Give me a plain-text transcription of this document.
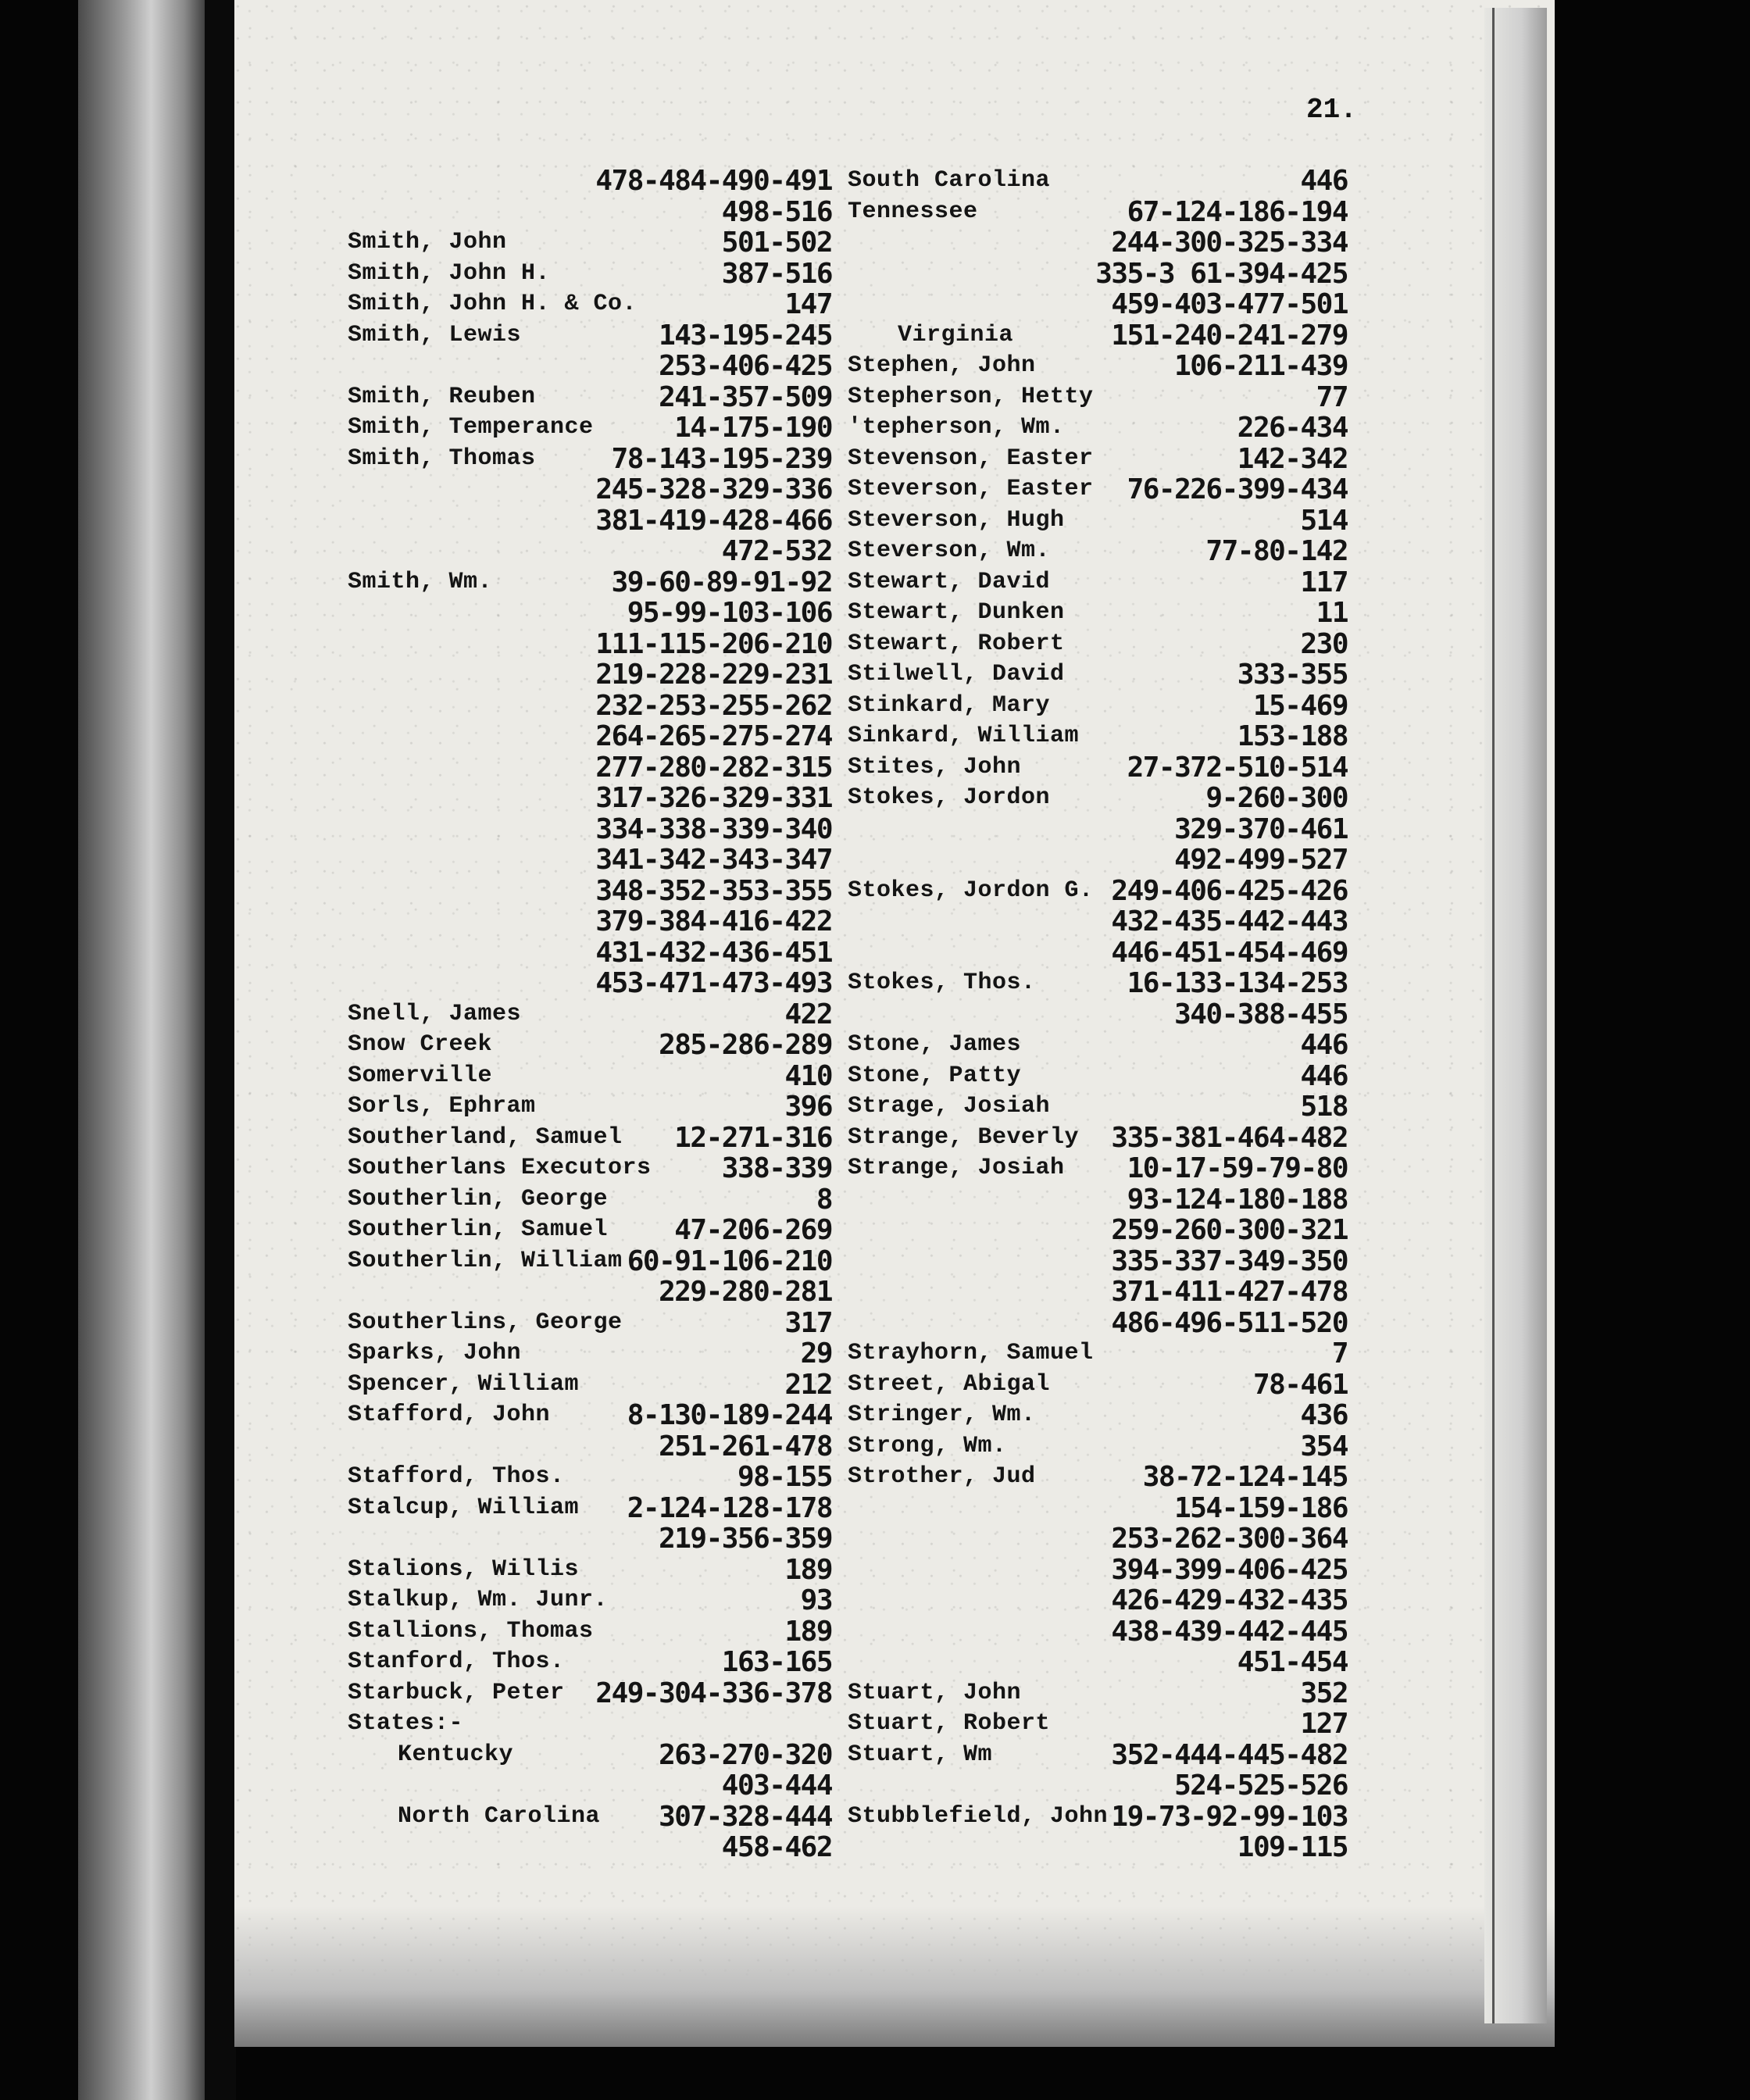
21.
478-484-490-491
498-516
Smith, John	501-502
Smith, John H.	387-516
Smith, John H. & Co.	147
Smith, Lewis	143-195-245
253-406-425
Smith, Reuben	241-357-509
Smith, Temperance	14-175-190
Smith, Thomas	78-143-195-239
245-328-329-336
381-419-428-466
472-532
Smith, Wm.	39-60-89-91-92
95-99-103-106
111-115-206-210
219-228-229-231
232-253-255-262
264-265-275-274
277-280-282-315
317-326-329-331
334-338-339-340
341-342-343-347
348-352-353-355
379-384-416-422
431-432-436-451
453-471-473-493
Snell, James	422
Snow Creek	285-286-289
Somerville	410
Sorls, Ephram	396
Southerland, Samuel 12-271-316
Southerlans Executors	338-339
Southerlin, George	8
Southerlin, Samuel 47-206-269
Southerlin, William 60-91-106-210
229-280-281
Southerlins, George	317
Sparks, John	29
Spencer, William	212
Stafford, John	8-130-189-244
251-261-478
Stafford, Thos.	98-155
Stalcup, William 2-124-128-178
219-356-359
Stalions, Willis	189
Stalkup, Wm. Junr.	93
Stallions, Thomas	189
Stanford, Thos.	163-165
Starbuck, Peter 249-304-336-378
States:-
Kentucky	263-270-320
403-444
North Carolina 307-328-444
458-462
South Carolina	446
Tennessee	67-124-186-194
244-300-325-334
335-3 61-394-425
459-403-477-501
Virginia	151-240-241-279
Stephen, John	106-211-439
Stepherson, Hetty	77
'tepherson, Wm.	226-434
Stevenson, Easter	142-342
Steverson, Easter 76-226-399-434
Steverson, Hugh	514
Steverson, Wm.	77-80-142
Stewart, David	117
Stewart, Dunken	11
Stewart, Robert	230
Stilwell, David	333-355
Stinkard, Mary	15-469
Sinkard, William	153-188
Stites, John	27-372-510-514
Stokes, Jordon	9-260-300
329-370-461
492-499-527
Stokes, Jordon G. 249-406-425-426
432-435-442-443
446-451-454-469
Stokes, Thos.	16-133-134-253
340-388-455
Stone, James	446
Stone, Patty	446
Strage, Josiah	518
Strange, Beverly 335-381-464-482
Strange, Josiah 10-17-59-79-80
93-124-180-188
259-260-300-321
335-337-349-350
371-411-427-478
486-496-511-520
Strayhorn, Samuel	7
Street, Abigal	78-461
Stringer, Wm.	436
Strong, Wm.	354
Strother, Jud	38-72-124-145
154-159-186
253-262-300-364
394-399-406-425
426-429-432-435
438-439-442-445
451-454
Stuart, John	352
Stuart, Robert	127
Stuart, Wm	352-444-445-482
524-525-526
Stubblefield, John 19-73-92-99-103
109-115
